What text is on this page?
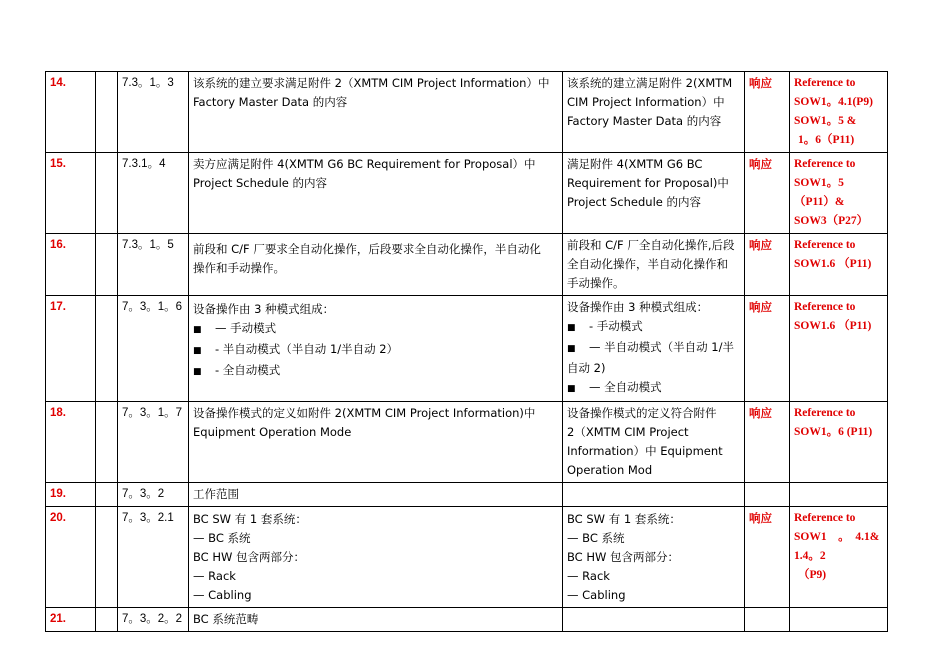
14.		7.3。1。3	该系统的建立要求满足附件 2（XMTM CIM Project Information）中
Factory Master Data 的内容	该系统的建立满足附件 2(XMTM
CIM Project Information）中
Factory Master Data 的内容	响应	Reference to
SOW1。4.1(P9)
SOW1。5 &
1。6（P11)

15.		7.3.1。4	卖方应满足附件 4(XMTM G6 BC Requirement for Proposal）中
Project Schedule 的内容	满足附件 4(XMTM G6 BC
Requirement for Proposal)中
Project Schedule 的内容	响应	Reference to
SOW1。5
（P11）&
SOW3（P27）

16.		7.3。1。5	前段和 C/F 厂要求全自动化操作，后段要求全自动化操作，半自动化
操作和手动操作。	前段和 C/F 厂全自动化操作,后段
全自动化操作，半自动化操作和
手动操作。	响应	Reference to
SOW1.6 （P11)

17.		7。3。1。6	设备操作由 3 种模式组成：
■ — 手动模式
■ - 半自动模式（半自动 1/半自动 2）
■ - 全自动模式	设备操作由 3 种模式组成：
■ - 手动模式
■ — 半自动模式（半自动 1/半
自动 2)
■ — 全自动模式	响应	Reference to
SOW1.6 （P11)

18.		7。3。1。7	设备操作模式的定义如附件 2(XMTM CIM Project Information)中
Equipment Operation Mode	设备操作模式的定义符合附件
2（XMTM CIM Project
Information）中 Equipment
Operation Mod	响应	Reference to
SOW1。6 (P11)

19.		7。3。2	工作范围			

20.		7。3。2.1	BC SW 有 1 套系统：
— BC 系统
BC HW 包含两部分：
— Rack
— Cabling	BC SW 有 1 套系统：
— BC 系统
BC HW 包含两部分：
— Rack
— Cabling	响应	Reference to
SOW1　。　4.1&
1.4。2
（P9)

21.		7。3。2。2	BC 系统范畴			
